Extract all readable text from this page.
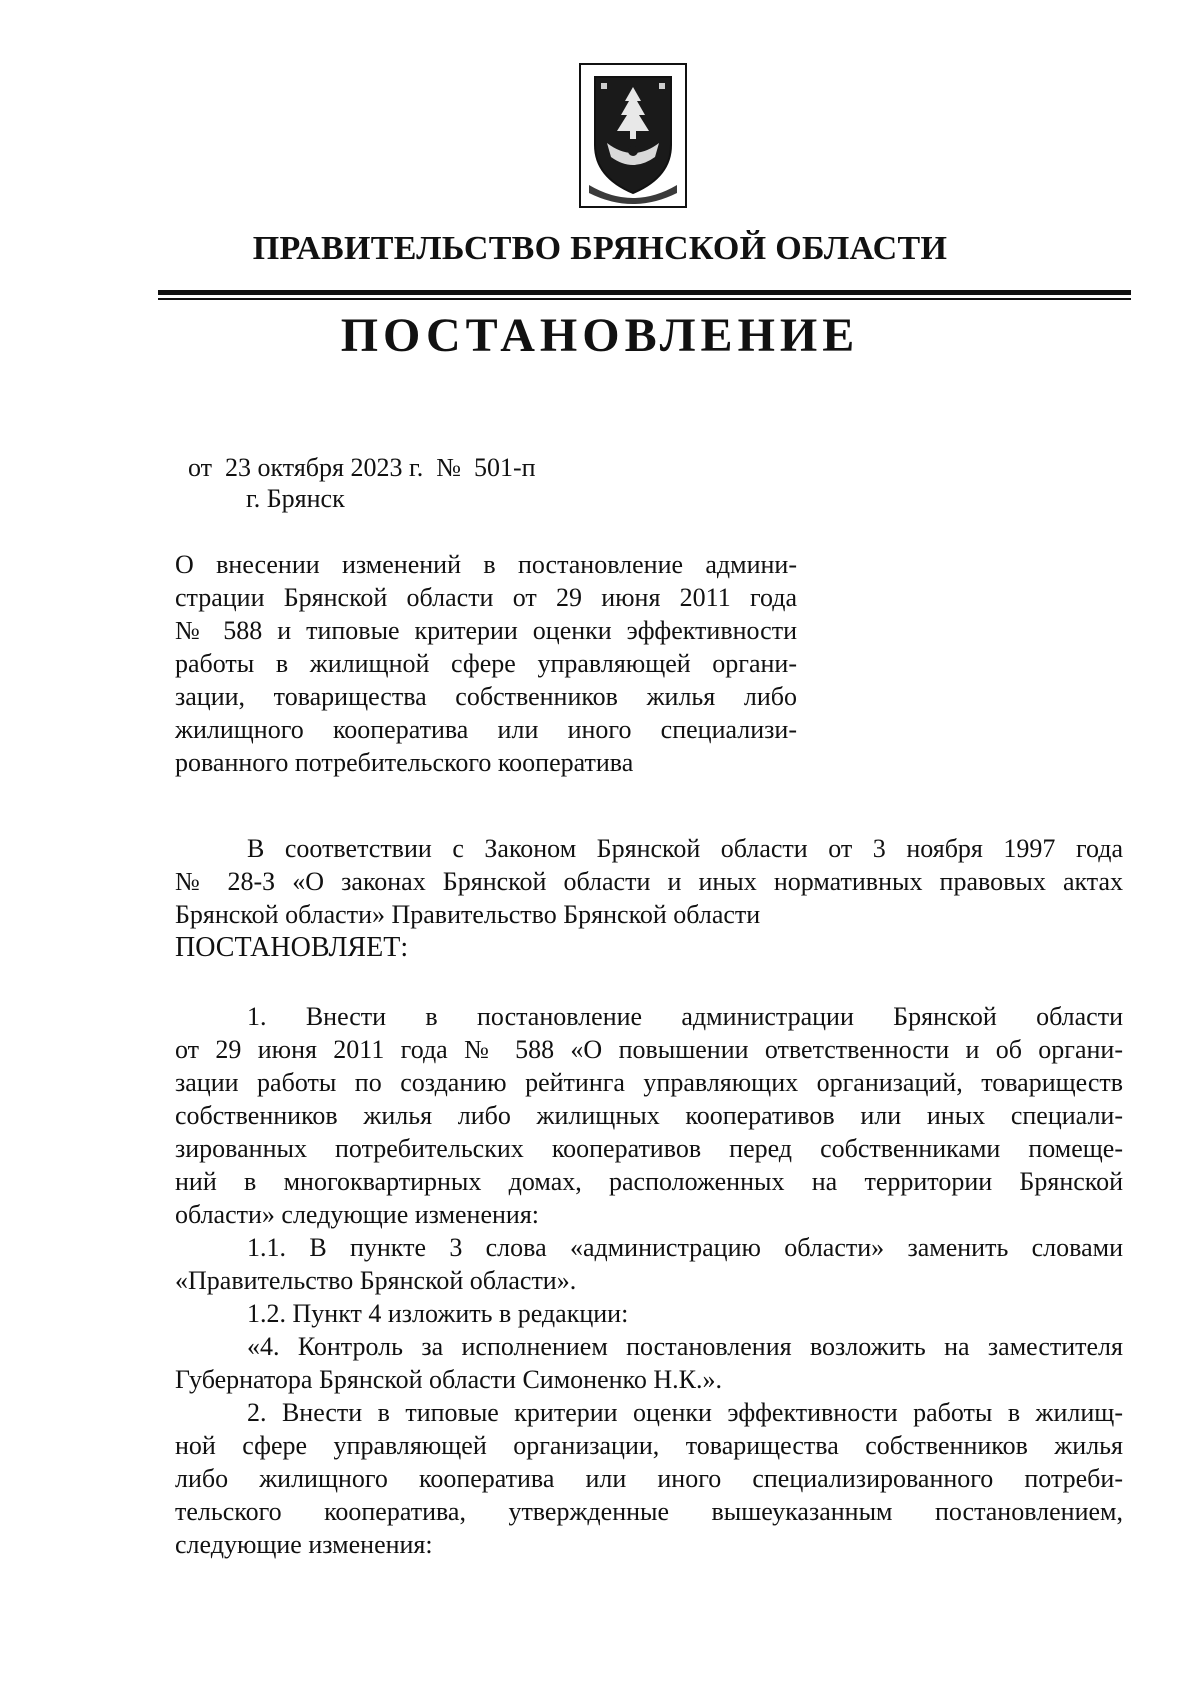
ПРАВИТЕЛЬСТВО БРЯНСКОЙ ОБЛАСТИ
ПОСТАНОВЛЕНИЕ
от  23 октября 2023 г.  №  501-п
г. Брянск
О внесении изменений в постановление админи-
страции Брянской области от 29 июня 2011 года
№ 588 и типовые критерии оценки эффективности
работы в жилищной сфере управляющей органи-
зации, товарищества собственников жилья либо
жилищного кооператива или иного специализи-
рованного потребительского кооператива
В соответствии с Законом Брянской области от 3 ноября 1997 года
№ 28-З «О законах Брянской области и иных нормативных правовых актах
Брянской области» Правительство Брянской области
ПОСТАНОВЛЯЕТ:
1. Внести в постановление администрации Брянской области
от 29 июня 2011 года № 588 «О повышении ответственности и об органи-
зации работы по созданию рейтинга управляющих организаций, товариществ
собственников жилья либо жилищных кооперативов или иных специали-
зированных потребительских кооперативов перед собственниками помеще-
ний в многоквартирных домах, расположенных на территории Брянской
области» следующие изменения:
1.1. В пункте 3 слова «администрацию области» заменить словами
«Правительство Брянской области».
1.2. Пункт 4 изложить в редакции:
«4. Контроль за исполнением постановления возложить на заместителя
Губернатора Брянской области Симоненко Н.К.».
2. Внести в типовые критерии оценки эффективности работы в жилищ-
ной сфере управляющей организации, товарищества собственников жилья
либо жилищного кооператива или иного специализированного потреби-
тельского кооператива, утвержденные вышеуказанным постановлением,
следующие изменения:
